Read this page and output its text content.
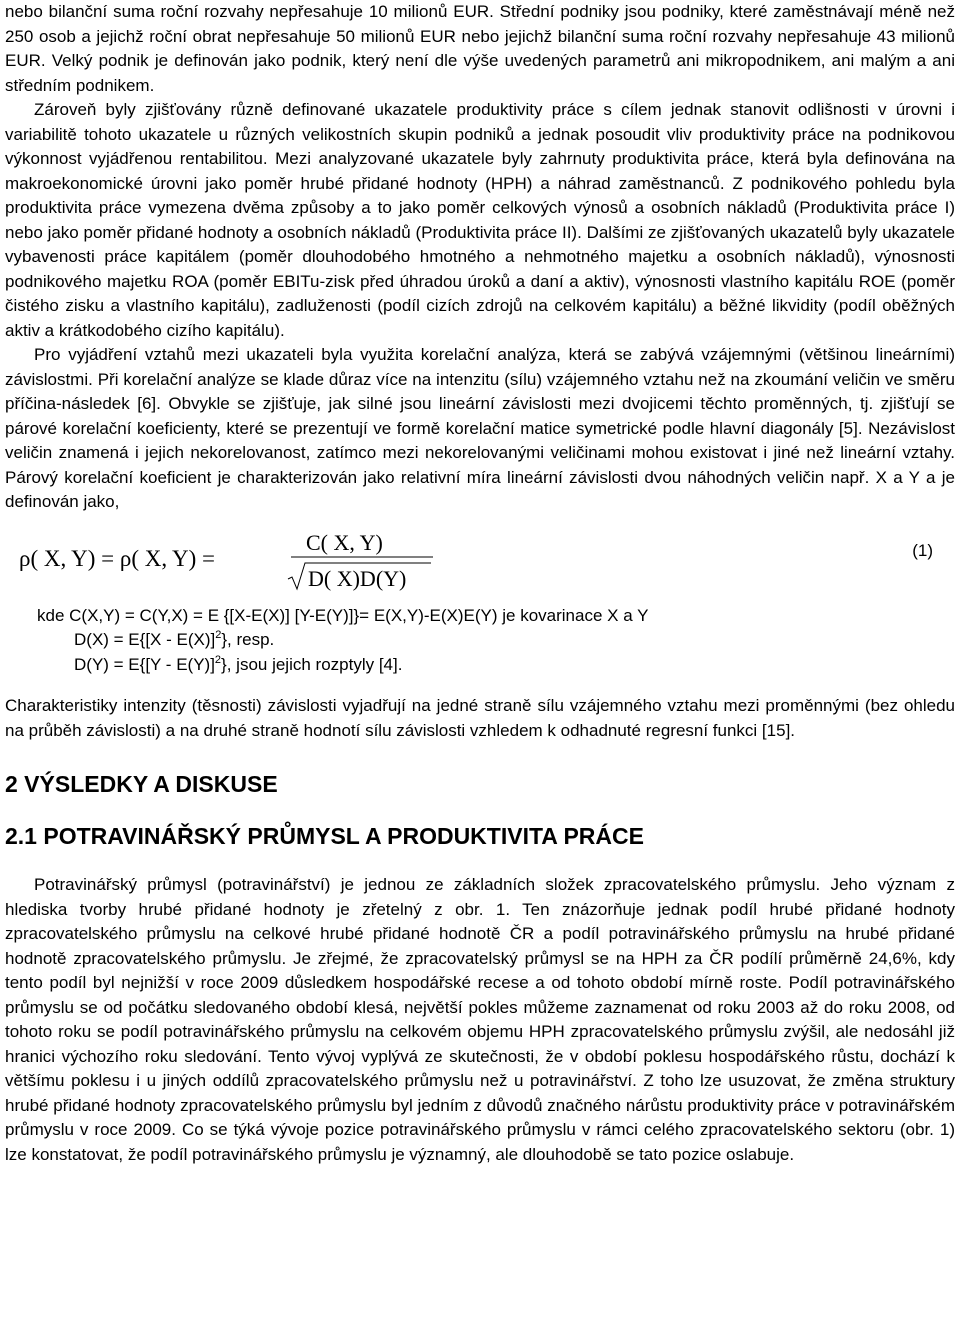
nebo bilanční suma roční rozvahy nepřesahuje 10 milionů EUR. Střední podniky jsou podniky, které zaměstnávají méně než 250 osob a jejichž roční obrat nepřesahuje 50 milionů EUR nebo jejichž bilanční suma roční rozvahy nepřesahuje 43 milionů EUR. Velký podnik je definován jako podnik, který není dle výše uvedených parametrů ani mikropodnikem, ani malým a ani středním podnikem.

Zároveň byly zjišťovány různě definované ukazatele produktivity práce s cílem jednak stanovit odlišnosti v úrovni i variabilitě tohoto ukazatele u různých velikostních skupin podniků a jednak posoudit vliv produktivity práce na podnikovou výkonnost vyjádřenou rentabilitou. Mezi analyzované ukazatele byly zahrnuty produktivita práce, která byla definována na makroekonomické úrovni jako poměr hrubé přidané hodnoty (HPH) a náhrad zaměstnanců. Z podnikového pohledu byla produktivita práce vymezena dvěma způsoby a to jako poměr celkových výnosů a osobních nákladů (Produktivita práce I) nebo jako poměr přidané hodnoty a osobních nákladů (Produktivita práce II). Dalšími ze zjišťovaných ukazatelů byly ukazatele vybavenosti práce kapitálem (poměr dlouhodobého hmotného a nehmotného majetku a osobních nákladů), výnosnosti podnikového majetku ROA (poměr EBITu-zisk před úhradou úroků a daní a aktiv), výnosnosti vlastního kapitálu ROE (poměr čistého zisku a vlastního kapitálu), zadluženosti (podíl cizích zdrojů na celkovém kapitálu) a běžné likvidity (podíl oběžných aktiv a krátkodobého cizího kapitálu).

Pro vyjádření vztahů mezi ukazateli byla využita korelační analýza, která se zabývá vzájemnými (většinou lineárními) závislostmi. Při korelační analýze se klade důraz více na intenzitu (sílu) vzájemného vztahu než na zkoumání veličin ve směru příčina-následek [6]. Obvykle se zjišťuje, jak silné jsou lineární závislosti mezi dvojicemi těchto proměnných, tj. zjišťují se párové korelační koeficienty, které se prezentují ve formě korelační matice symetrické podle hlavní diagonály [5]. Nezávislost veličin znamená i jejich nekorelovanost, zatímco mezi nekorelovanými veličinami mohou existovat i jiné než lineární vztahy. Párový korelační koeficient je charakterizován jako relativní míra lineární závislosti dvou náhodných veličin např. X a Y a je definován jako,

ρ( X, Y) = ρ( X, Y) =
C( X, Y)
D( X)D(Y)
(1)
kde C(X,Y) = C(Y,X) = E {[X-E(X)] [Y-E(Y)]}= E(X,Y)-E(X)E(Y) je kovarinace X a Y
D(X) = E{[X - E(X)]$^2$}, resp.
D(Y) = E{[Y - E(Y)]$^2$}, jsou jejich rozptyly [4].

Charakteristiky intenzity (těsnosti) závislosti vyjadřují na jedné straně sílu vzájemného vztahu mezi proměnnými (bez ohledu na průběh závislosti) a na druhé straně hodnotí sílu závislosti vzhledem k odhadnuté regresní funkci [15].

2 VÝSLEDKY A DISKUSE
2.1 POTRAVINÁŘSKÝ PRŮMYSL A PRODUKTIVITA PRÁCE

Potravinářský průmysl (potravinářství) je jednou ze základních složek zpracovatelského průmyslu. Jeho význam z hlediska tvorby hrubé přidané hodnoty je zřetelný z obr. 1. Ten znázorňuje jednak podíl hrubé přidané hodnoty zpracovatelského průmyslu na celkové hrubé přidané hodnotě ČR a podíl potravinářského průmyslu na hrubé přidané hodnotě zpracovatelského průmyslu. Je zřejmé, že zpracovatelský průmysl se na HPH za ČR podílí průměrně 24,6%, kdy tento podíl byl nejnižší v roce 2009 důsledkem hospodářské recese a od tohoto období mírně roste. Podíl potravinářského průmyslu se od počátku sledovaného období klesá, největší pokles můžeme zaznamenat od roku 2003 až do roku 2008, od tohoto roku se podíl potravinářského průmyslu na celkovém objemu HPH zpracovatelského průmyslu zvýšil, ale nedosáhl již hranici výchozího roku sledování. Tento vývoj vyplývá ze skutečnosti, že v období poklesu hospodářského růstu, dochází k většímu poklesu i u jiných oddílů zpracovatelského průmyslu než u potravinářství. Z toho lze usuzovat, že změna struktury hrubé přidané hodnoty zpracovatelského průmyslu byl jedním z důvodů značného nárůstu produktivity práce v potravinářském průmyslu v roce 2009. Co se týká vývoje pozice potravinářského průmyslu v rámci celého zpracovatelského sektoru (obr. 1) lze konstatovat, že podíl potravinářského průmyslu je významný, ale dlouhodobě se tato pozice oslabuje.
